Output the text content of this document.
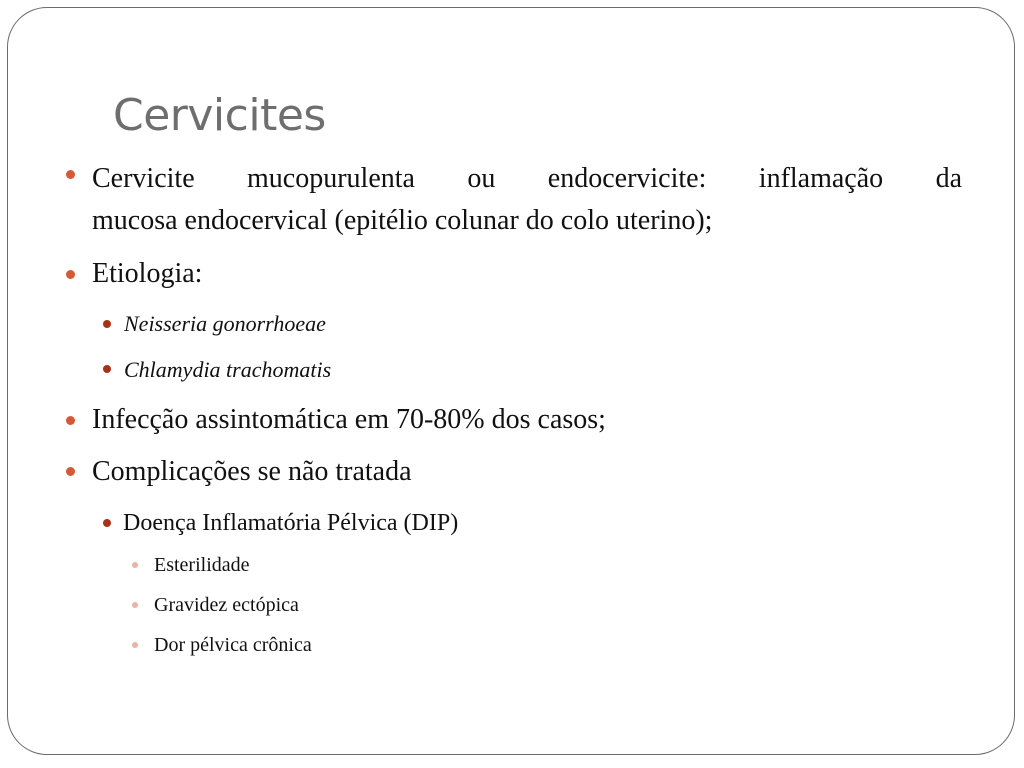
Cervicites
Cervicite mucopurulenta ou endocervicite: inflamação da
mucosa endocervical (epitélio colunar do colo uterino);

Etiologia:

Neisseria gonorrhoeae

Chlamydia trachomatis

Infecção assintomática em 70-80% dos casos;

Complicações se não tratada

Doença Inflamatória Pélvica (DIP)

Esterilidade

Gravidez ectópica

Dor pélvica crônica
